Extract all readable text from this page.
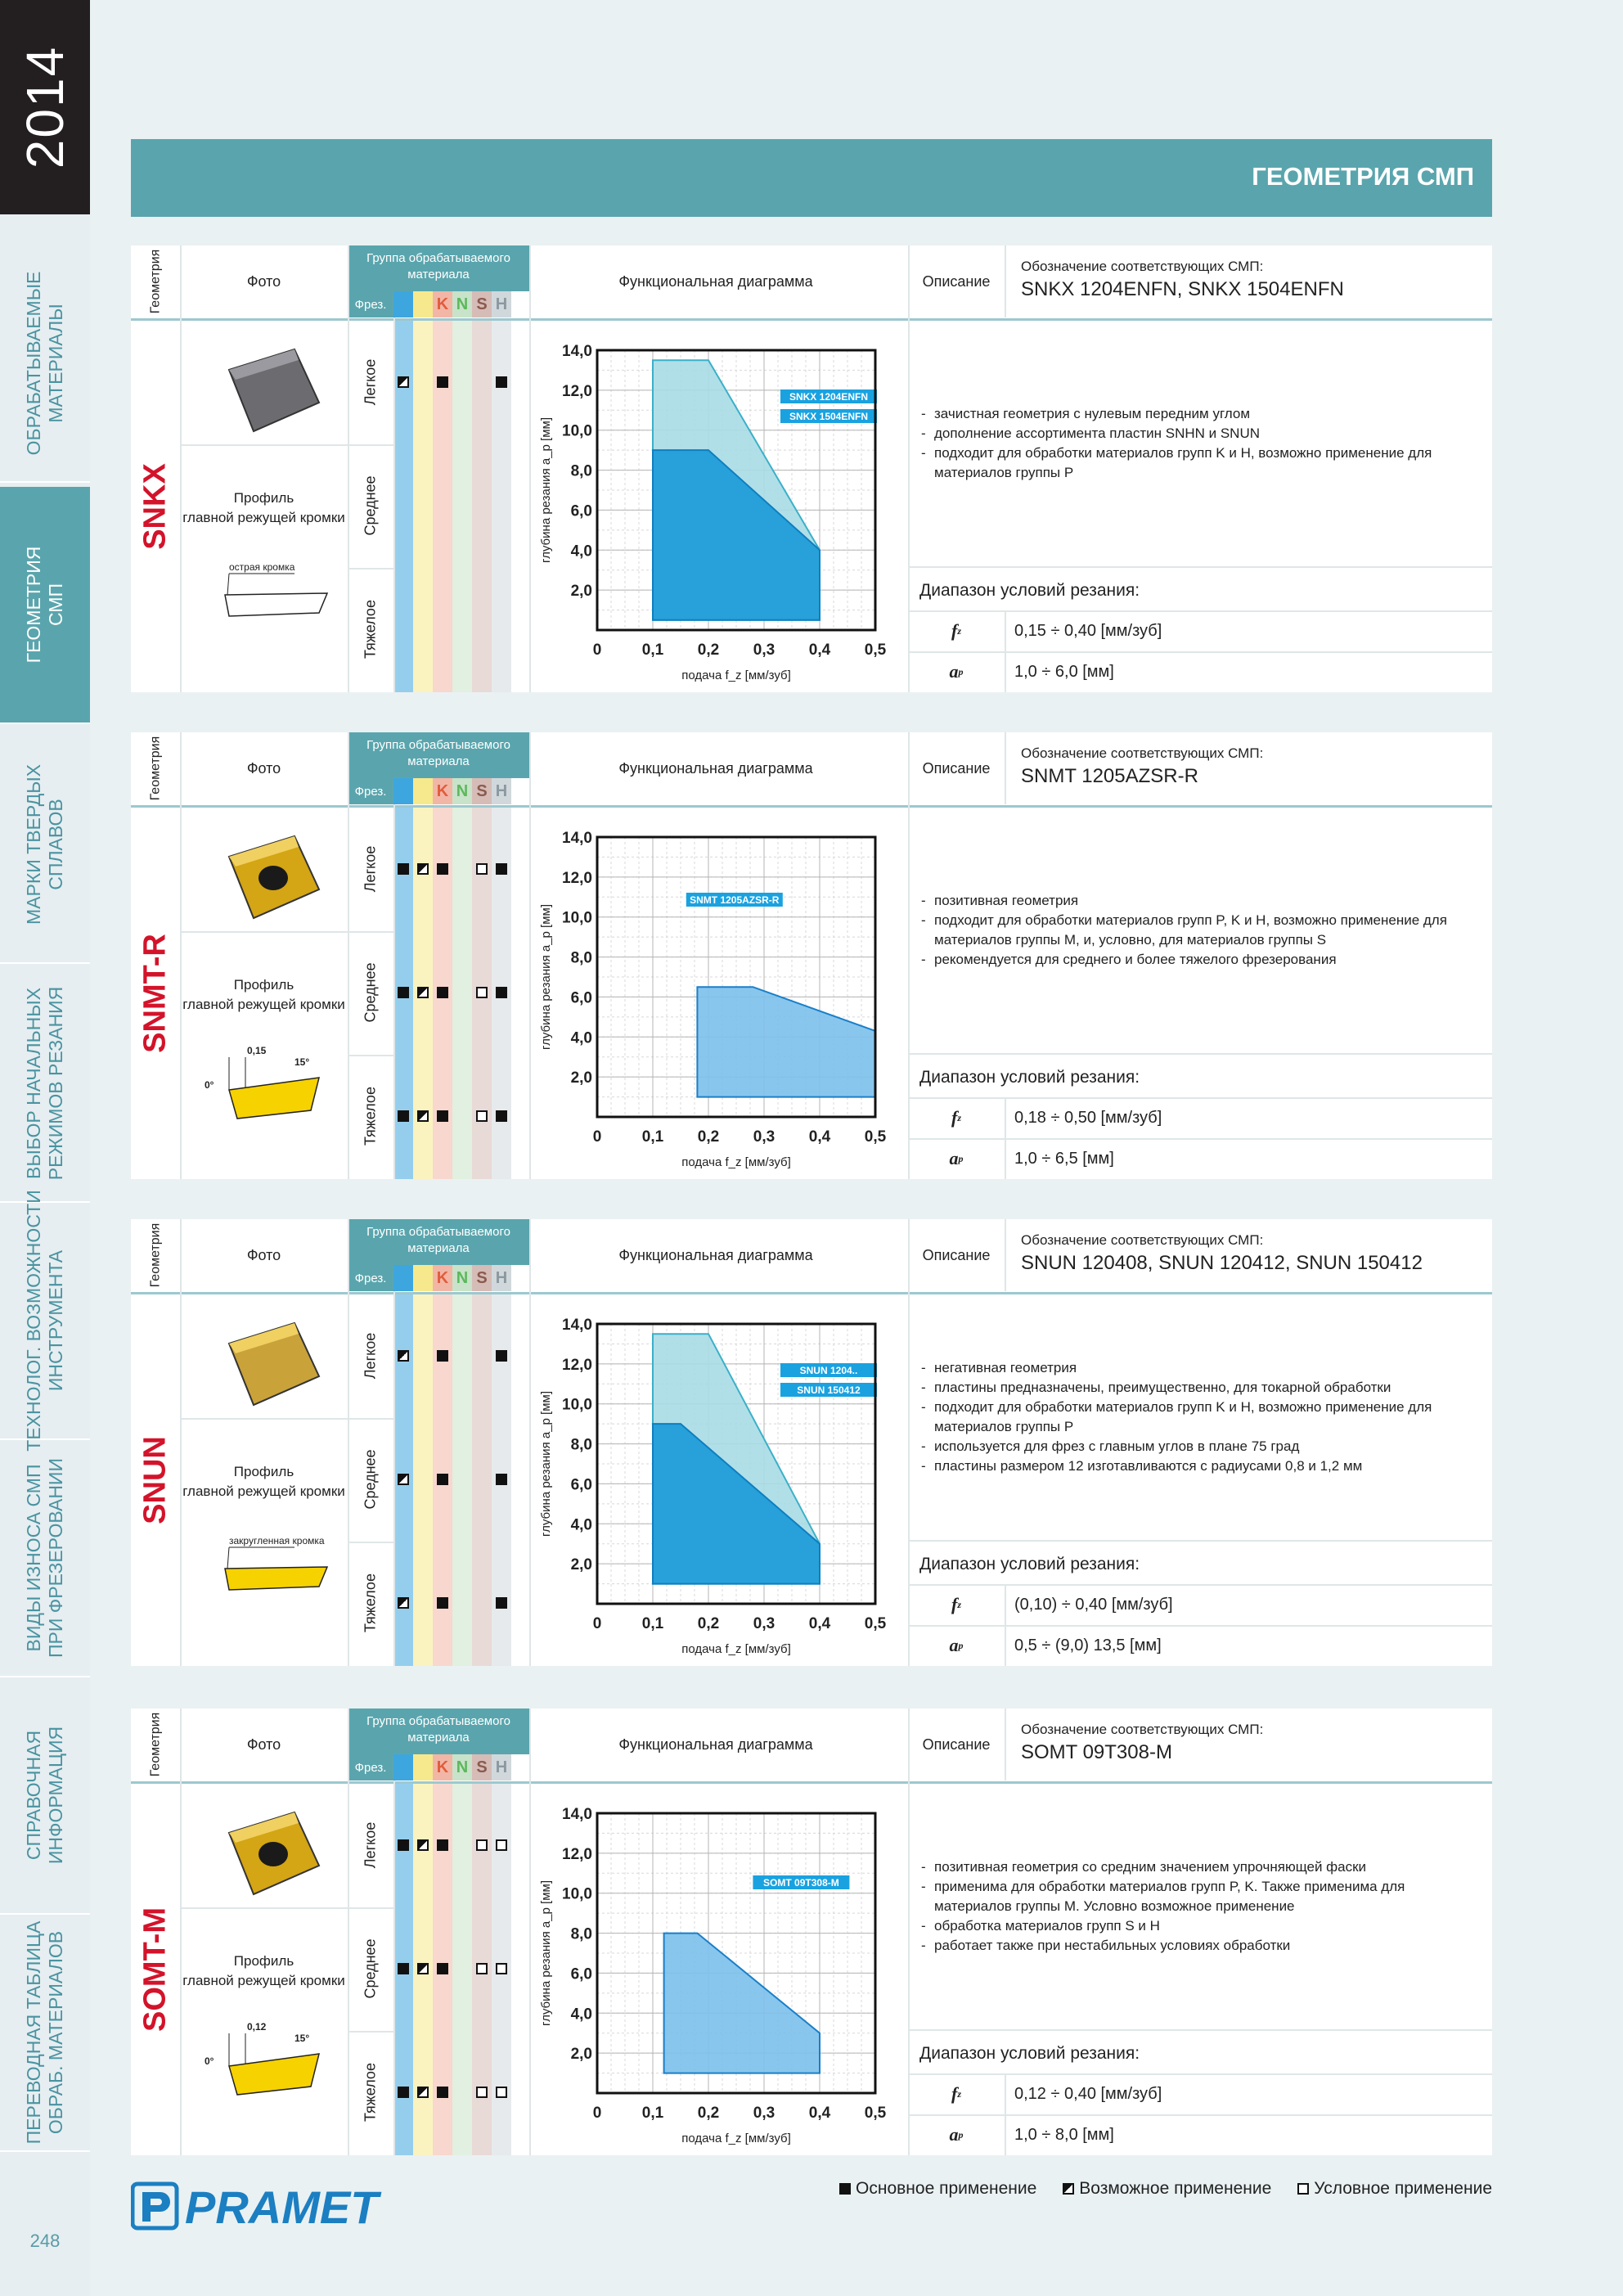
2014
ОБРАБАТЫВАЕМЫЕ
МАТЕРИАЛЫ
ГЕОМЕТРИЯ
СМП
МАРКИ ТВЕРДЫХ
СПЛАВОВ
ВЫБОР НАЧАЛЬНЫХ
РЕЖИМОВ РЕЗАНИЯ
ТЕХНОЛОГ. ВОЗМОЖНОСТИ
ИНСТРУМЕНТА
ВИДЫ ИЗНОСА СМП
ПРИ ФРЕЗЕРОВАНИИ
СПРАВОЧНАЯ
ИНФОРМАЦИЯ
ПЕРЕВОДНАЯ ТАБЛИЦА
ОБРАБ. МАТЕРИАЛОВ
248
ГЕОМЕТРИЯ СМП
Геометрия	Фото
Группа обрабатываемого материала
Фрез. P M K N S H
Функциональная диаграмма	Описание
Обозначение соответствующих СМП:
SNKX 1204ENFN, SNKX 1504ENFN
SNKX	Профиль
главной режущей кромки
острая кромка
Легкое
Среднее
Тяжелое
SNKX 1204ENFN
SNKX 1504ENFN
0	0,1 0,2 0,3 0,4 0,5
2,0
4,0
6,0
8,0
10,0
12,0
14,0
подача f_z [мм/зуб]
глубина резания a_p [мм]
- зачистная геометрия с нулевым передним углом
- дополнение ассортимента пластин SNHN и SNUN
- подходит для обработки материалов групп K и H, возможно применение для материалов группы P
Диапазон условий резания:
f z	0,15 ÷ 0,40 [мм/зуб]
a p	1,0 ÷ 6,0 [мм]
Геометрия	Фото
Группа обрабатываемого материала
Фрез. P M K N S H
Функциональная диаграмма	Описание
Обозначение соответствующих СМП:
SNMT 1205AZSR-R
SNMT-R	Профиль
главной режущей кромки
0,15
15°
0°
Легкое
Среднее
Тяжелое
SNMT 1205AZSR-R
0	0,1 0,2 0,3 0,4 0,5
2,0
4,0
6,0
8,0
10,0
12,0
14,0
подача f_z [мм/зуб]
глубина резания a_p [мм]
- позитивная геометрия
- подходит для обработки материалов групп P, K и H, возможно применение для материалов группы M, и, условно, для материалов группы S
- рекомендуется для среднего и более тяжелого фрезерования
Диапазон условий резания:
f z	0,18 ÷ 0,50 [мм/зуб]
a p	1,0 ÷ 6,5 [мм]
Геометрия	Фото
Группа обрабатываемого материала
Фрез. P M K N S H
Функциональная диаграмма	Описание
Обозначение соответствующих СМП:
SNUN 120408, SNUN 120412, SNUN 150412
SNUN	Профиль
главной режущей кромки
закругленная кромка
Легкое
Среднее
Тяжелое
SNUN 1204..
SNUN 150412
0	0,1 0,2 0,3 0,4 0,5
2,0
4,0
6,0
8,0
10,0
12,0
14,0
подача f_z [мм/зуб]
глубина резания a_p [мм]
- негативная геометрия
- пластины предназначены, преимущественно, для токарной обработки
- подходит для обработки материалов групп K и H, возможно применение для материалов группы P
- используется для фрез с главным углов в плане 75 град
- пластины размером 12 изготавливаются с радиусами 0,8 и 1,2 мм
Диапазон условий резания:
f z	(0,10) ÷ 0,40 [мм/зуб]
a p	0,5 ÷ (9,0) 13,5 [мм]
Геометрия	Фото
Группа обрабатываемого материала
Фрез. P M K N S H
Функциональная диаграмма	Описание
Обозначение соответствующих СМП:
SOMT 09T308-M
SOMT-M	Профиль
главной режущей кромки
0,12
15°
0°
Легкое
Среднее
Тяжелое
SOMT 09T308-M
0	0,1 0,2 0,3 0,4 0,5
2,0
4,0
6,0
8,0
10,0
12,0
14,0
подача f_z [мм/зуб]
глубина резания a_p [мм]
- позитивная геометрия со средним значением упрочняющей фаски
- применима для обработки материалов групп P, K. Также применима для материалов группы M. Условно возможное применение
- обработка материалов групп S и H
- работает также при нестабильных условиях обработки
Диапазон условий резания:
f z	0,12 ÷ 0,40 [мм/зуб]
a p	1,0 ÷ 8,0 [мм]
PRAMET	Основное применение Возможное применение Условное применение
